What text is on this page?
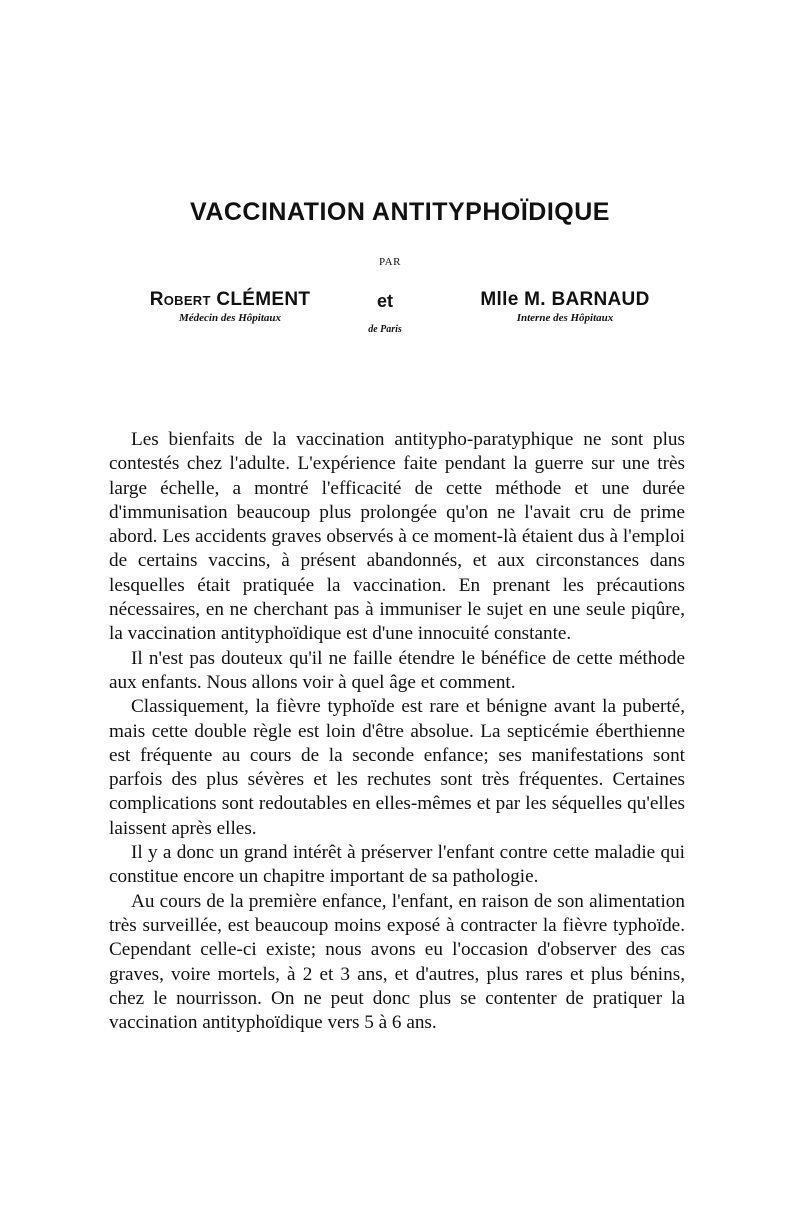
VACCINATION ANTITYPHOÏDIQUE
PAR
Robert CLÉMENT
Médecin des Hôpitaux
et
de Paris
Mlle M. BARNAUD
Interne des Hôpitaux

Les bienfaits de la vaccination antitypho-paratyphique ne sont plus contestés chez l'adulte. L'expérience faite pendant la guerre sur une très large échelle, a montré l'efficacité de cette méthode et une durée d'immunisation beaucoup plus prolongée qu'on ne l'avait cru de prime abord. Les accidents graves observés à ce moment-là étaient dus à l'emploi de certains vaccins, à présent abandonnés, et aux circonstances dans lesquelles était pratiquée la vaccination. En prenant les précautions nécessaires, en ne cherchant pas à immuniser le sujet en une seule piqûre, la vaccination antityphoïdique est d'une innocuité constante.

Il n'est pas douteux qu'il ne faille étendre le bénéfice de cette méthode aux enfants. Nous allons voir à quel âge et comment.

Classiquement, la fièvre typhoïde est rare et bénigne avant la puberté, mais cette double règle est loin d'être absolue. La septicémie éberthienne est fréquente au cours de la seconde enfance; ses manifestations sont parfois des plus sévères et les rechutes sont très fréquentes. Certaines complications sont redoutables en elles-mêmes et par les séquelles qu'elles laissent après elles.

Il y a donc un grand intérêt à préserver l'enfant contre cette maladie qui constitue encore un chapitre important de sa pathologie.

Au cours de la première enfance, l'enfant, en raison de son alimentation très surveillée, est beaucoup moins exposé à contracter la fièvre typhoïde. Cependant celle-ci existe; nous avons eu l'occasion d'observer des cas graves, voire mortels, à 2 et 3 ans, et d'autres, plus rares et plus bénins, chez le nourrisson. On ne peut donc plus se contenter de pratiquer la vaccination antityphoïdique vers 5 à 6 ans.
